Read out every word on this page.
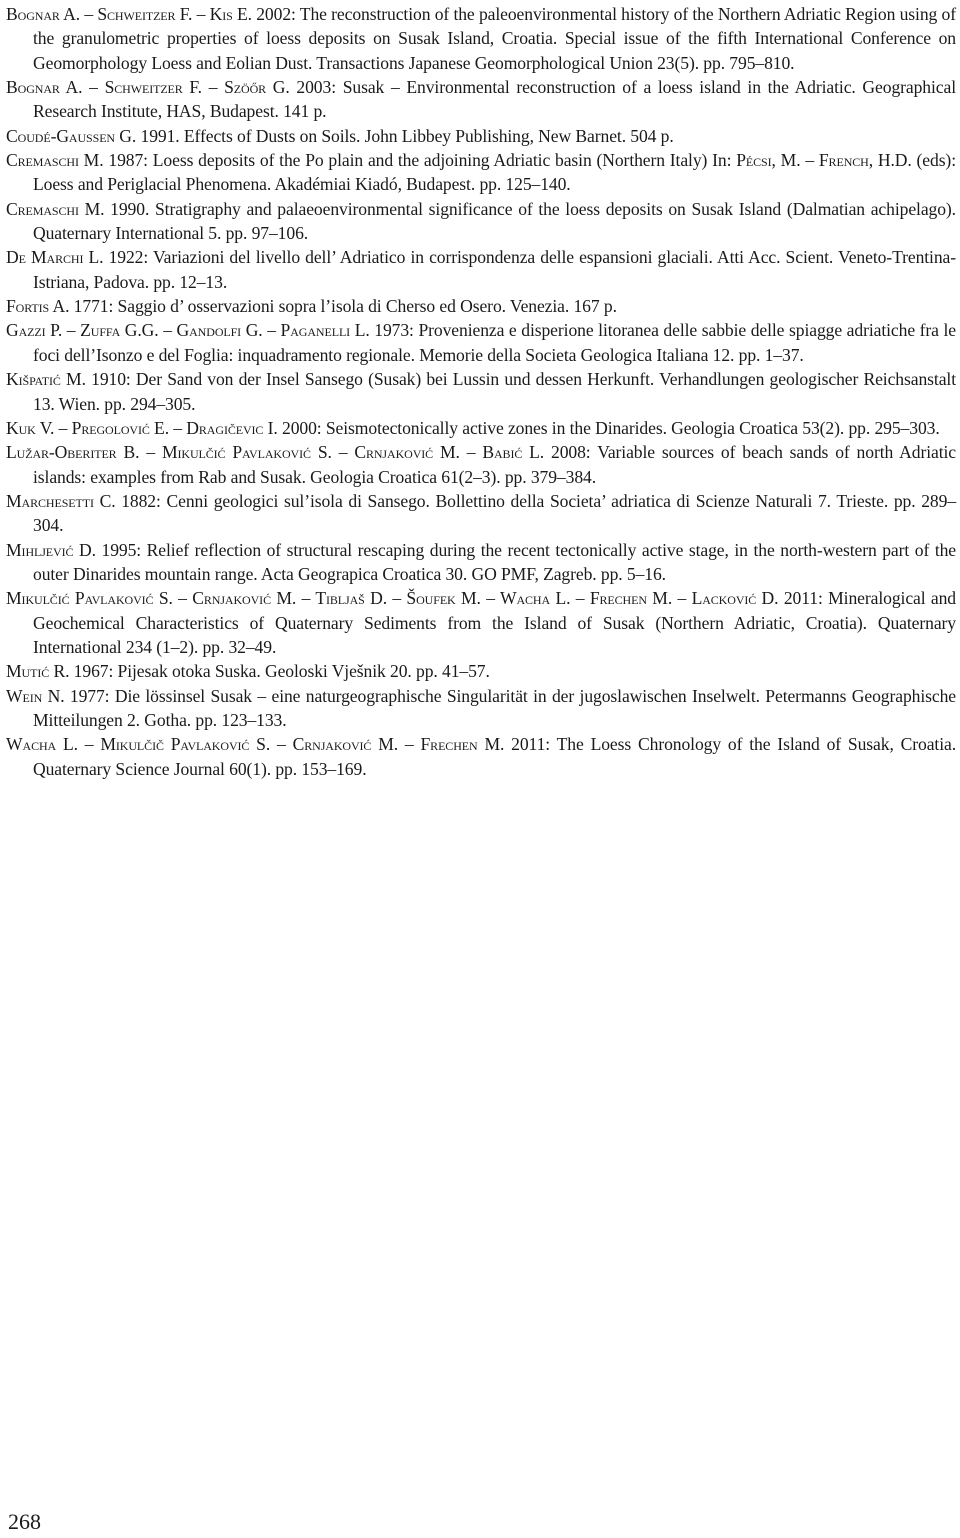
Bognar A. – Schweitzer F. – Kis E. 2002: The reconstruction of the paleoenvironmental history of the Northern Adriatic Region using of the granulometric properties of loess deposits on Susak Island, Croatia. Special issue of the fifth International Conference on Geomorphology Loess and Eolian Dust. Transactions Japanese Geomorphological Union 23(5). pp. 795–810.

Bognar A. – Schweitzer F. – Szöőr G. 2003: Susak – Environmental reconstruction of a loess island in the Adriatic. Geographical Research Institute, HAS, Budapest. 141 p.

Coudé-Gaussen G. 1991. Effects of Dusts on Soils. John Libbey Publishing, New Barnet. 504 p.

Cremaschi M. 1987: Loess deposits of the Po plain and the adjoining Adriatic basin (Northern Italy) In: Pécsi, M. – French, H.D. (eds): Loess and Periglacial Phenomena. Akadémiai Kiadó, Budapest. pp. 125–140.

Cremaschi M. 1990. Stratigraphy and palaeoenvironmental significance of the loess deposits on Susak Island (Dalmatian achipelago). Quaternary International 5. pp. 97–106.

De Marchi L. 1922: Variazioni del livello dell’ Adriatico in corrispondenza delle espansioni glaciali. Atti Acc. Scient. Veneto-Trentina-Istriana, Padova. pp. 12–13.

Fortis A. 1771: Saggio d’ osservazioni sopra l’isola di Cherso ed Osero. Venezia. 167 p.

Gazzi P. – Zuffa G.G. – Gandolfi G. – Paganelli L. 1973: Provenienza e disperione litoranea delle sabbie delle spiagge adriatiche fra le foci dell’Isonzo e del Foglia: inquadramento regionale. Memorie della Societa Geologica Italiana 12. pp. 1–37.

Kišpatić M. 1910: Der Sand von der Insel Sansego (Susak) bei Lussin und dessen Herkunft. Verhandlungen geologischer Reichsanstalt 13. Wien. pp. 294–305.

Kuk V. – Pregolović E. – Dragičevic I. 2000: Seismotectonically active zones in the Dinarides. Geologia Croatica 53(2). pp. 295–303.

Lužar-Oberiter B. – Mikulčić Pavlaković S. – Crnjaković M. – Babić L. 2008: Variable sources of beach sands of north Adriatic islands: examples from Rab and Susak. Geologia Croatica 61(2–3). pp. 379–384.

Marchesetti C. 1882: Cenni geologici sul’isola di Sansego. Bollettino della Societa’ adriatica di Scienze Naturali 7. Trieste. pp. 289–304.

Mihljević D. 1995: Relief reflection of structural rescaping during the recent tectonically active stage, in the north-western part of the outer Dinarides mountain range. Acta Geograpica Croatica 30. GO PMF, Zagreb. pp. 5–16.

Mikulčić Pavlaković S. – Crnjaković M. – Tibljaš D. – Šoufek M. – Wacha L. – Frechen M. – Lacković D. 2011: Mineralogical and Geochemical Characteristics of Quaternary Sediments from the Island of Susak (Northern Adriatic, Croatia). Quaternary International 234 (1–2). pp. 32–49.

Mutić R. 1967: Pijesak otoka Suska. Geoloski Vješnik 20. pp. 41–57.

Wein N. 1977: Die lössinsel Susak – eine naturgeographische Singularität in der jugoslawischen Inselwelt. Petermanns Geographische Mitteilungen 2. Gotha. pp. 123–133.

Wacha L. – Mikulčič Pavlaković S. – Crnjaković M. – Frechen M. 2011: The Loess Chronology of the Island of Susak, Croatia. Quaternary Science Journal 60(1). pp. 153–169.

268
